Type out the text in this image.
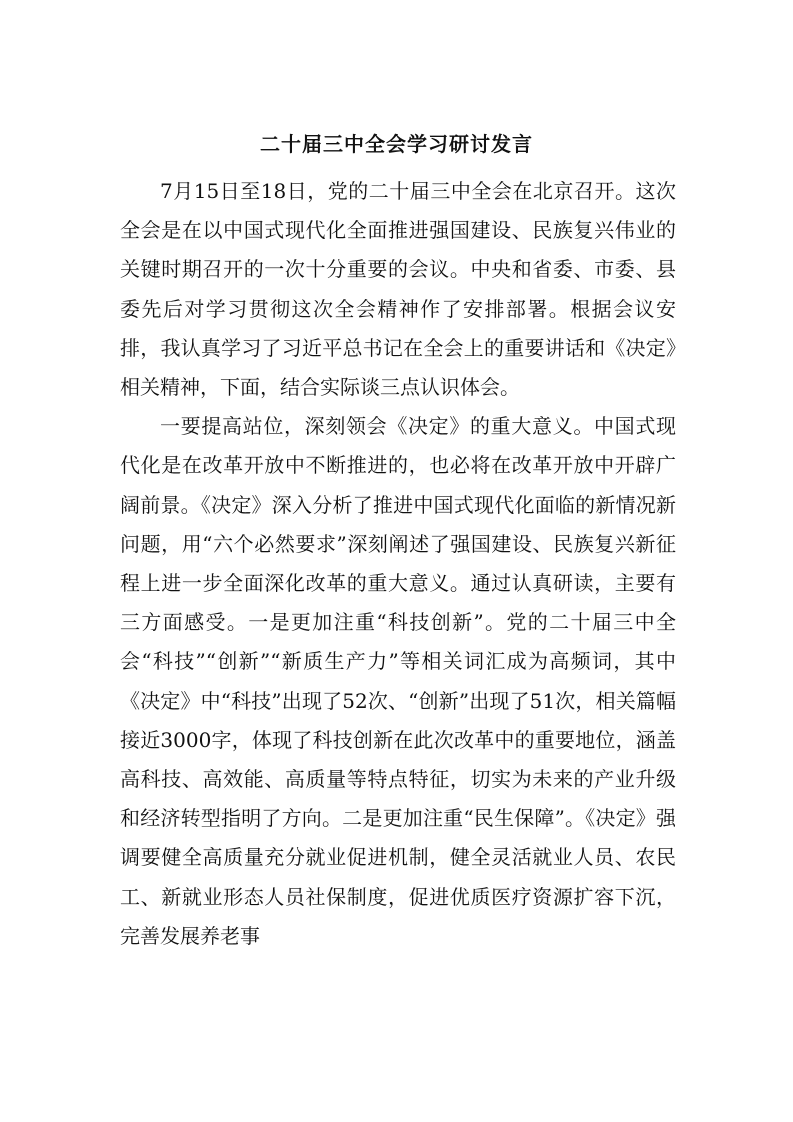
二十届三中全会学习研讨发言

7月15日至18日，党的二十届三中全会在北京召开。这次全会是在以中国式现代化全面推进强国建设、民族复兴伟业的关键时期召开的一次十分重要的会议。中央和省委、市委、县委先后对学习贯彻这次全会精神作了安排部署。根据会议安排，我认真学习了习近平总书记在全会上的重要讲话和《决定》相关精神，下面，结合实际谈三点认识体会。

一要提高站位，深刻领会《决定》的重大意义。中国式现代化是在改革开放中不断推进的，也必将在改革开放中开辟广阔前景。《决定》深入分析了推进中国式现代化面临的新情况新问题，用“六个必然要求”深刻阐述了强国建设、民族复兴新征程上进一步全面深化改革的重大意义。通过认真研读，主要有三方面感受。一是更加注重“科技创新”。党的二十届三中全会“科技”“创新”“新质生产力”等相关词汇成为高频词，其中《决定》中“科技”出现了52次、“创新”出现了51次，相关篇幅接近3000字，体现了科技创新在此次改革中的重要地位，涵盖高科技、高效能、高质量等特点特征，切实为未来的产业升级和经济转型指明了方向。二是更加注重“民生保障”。《决定》强调要健全高质量充分就业促进机制，健全灵活就业人员、农民工、新就业形态人员社保制度，促进优质医疗资源扩容下沉，完善发展养老事
